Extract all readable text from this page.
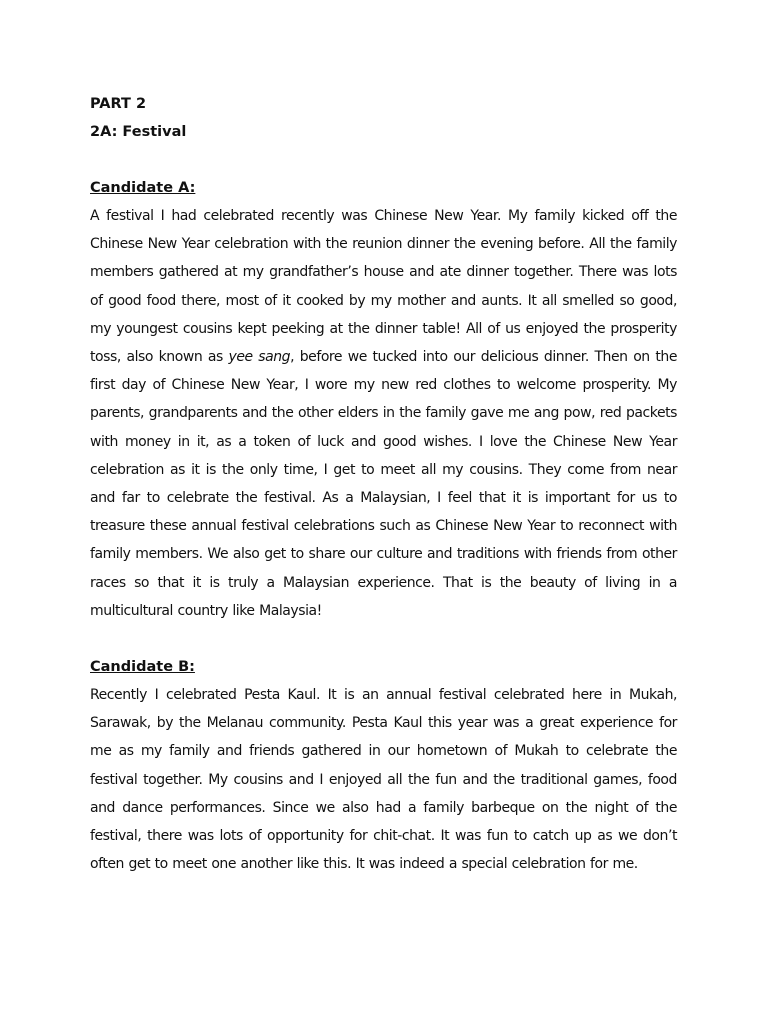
PART 2

2A: Festival

Candidate A:

A festival I had celebrated recently was Chinese New Year. My family kicked off the Chinese New Year celebration with the reunion dinner the evening before. All the family members gathered at my grandfather’s house and ate dinner together. There was lots of good food there, most of it cooked by my mother and aunts. It all smelled so good, my youngest cousins kept peeking at the dinner table! All of us enjoyed the prosperity toss, also known as yee sang, before we tucked into our delicious dinner. Then on the first day of Chinese New Year, I wore my new red clothes to welcome prosperity. My parents, grandparents and the other elders in the family gave me ang pow, red packets with money in it, as a token of luck and good wishes. I love the Chinese New Year celebration as it is the only time, I get to meet all my cousins. They come from near and far to celebrate the festival. As a Malaysian, I feel that it is important for us to treasure these annual festival celebrations such as Chinese New Year to reconnect with family members. We also get to share our culture and traditions with friends from other races so that it is truly a Malaysian experience. That is the beauty of living in a multicultural country like Malaysia!

Candidate B:

Recently I celebrated Pesta Kaul. It is an annual festival celebrated here in Mukah, Sarawak, by the Melanau community. Pesta Kaul this year was a great experience for me as my family and friends gathered in our hometown of Mukah to celebrate the festival together. My cousins and I enjoyed all the fun and the traditional games, food and dance performances. Since we also had a family barbeque on the night of the festival, there was lots of opportunity for chit-chat. It was fun to catch up as we don’t often get to meet one another like this. It was indeed a special celebration for me.
